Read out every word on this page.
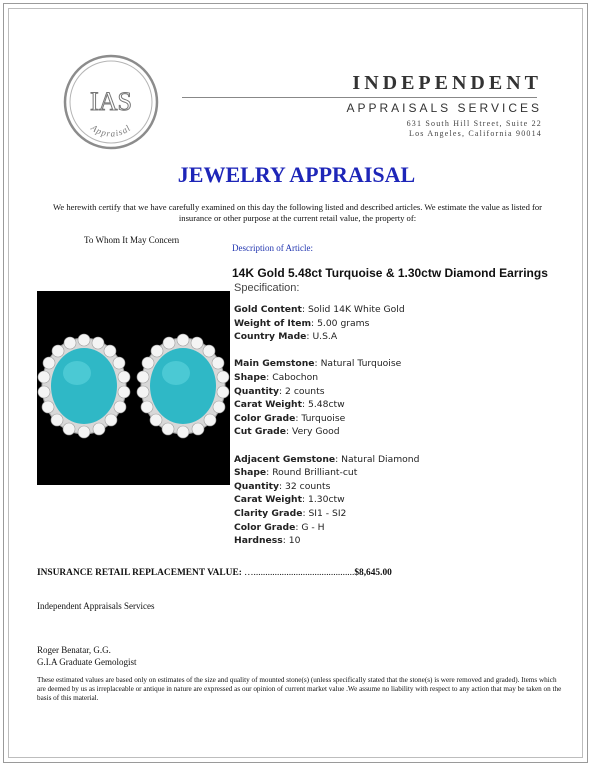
IAS
Appraisal
INDEPENDENT
APPRAISALS SERVICES
631 South Hill Street, Suite 22
Los Angeles, California 90014
JEWELRY APPRAISAL
We herewith certify that we have carefully examined on this day the following listed and described articles. We estimate the value as listed for insurance or other purpose at the current retail value, the property of:
To Whom It May Concern
Description of Article:
14K Gold 5.48ct Turquoise & 1.30ctw Diamond Earrings
Specification:
Gold Content: Solid 14K White Gold
Weight of Item: 5.00 grams
Country Made: U.S.A
Main Gemstone: Natural Turquoise
Shape: Cabochon
Quantity: 2 counts
Carat Weight: 5.48ctw
Color Grade: Turquoise
Cut Grade: Very Good
Adjacent Gemstone: Natural Diamond
Shape: Round Brilliant-cut
Quantity: 32 counts
Carat Weight: 1.30ctw
Clarity Grade: SI1 - SI2
Color Grade: G - H
Hardness: 10
INSURANCE RETAIL REPLACEMENT VALUE: …...........................................$8,645.00
Independent Appraisals Services
Roger Benatar, G.G.
G.I.A Graduate Gemologist
These estimated values are based only on estimates of the size and quality of mounted stone(s) (unless specifically stated that the stone(s) is were removed and graded). Items which are deemed by us as irreplaceable or antique in nature are expressed as our opinion of current market value .We assume no liability with respect to any action that may be taken on the basis of this material.
